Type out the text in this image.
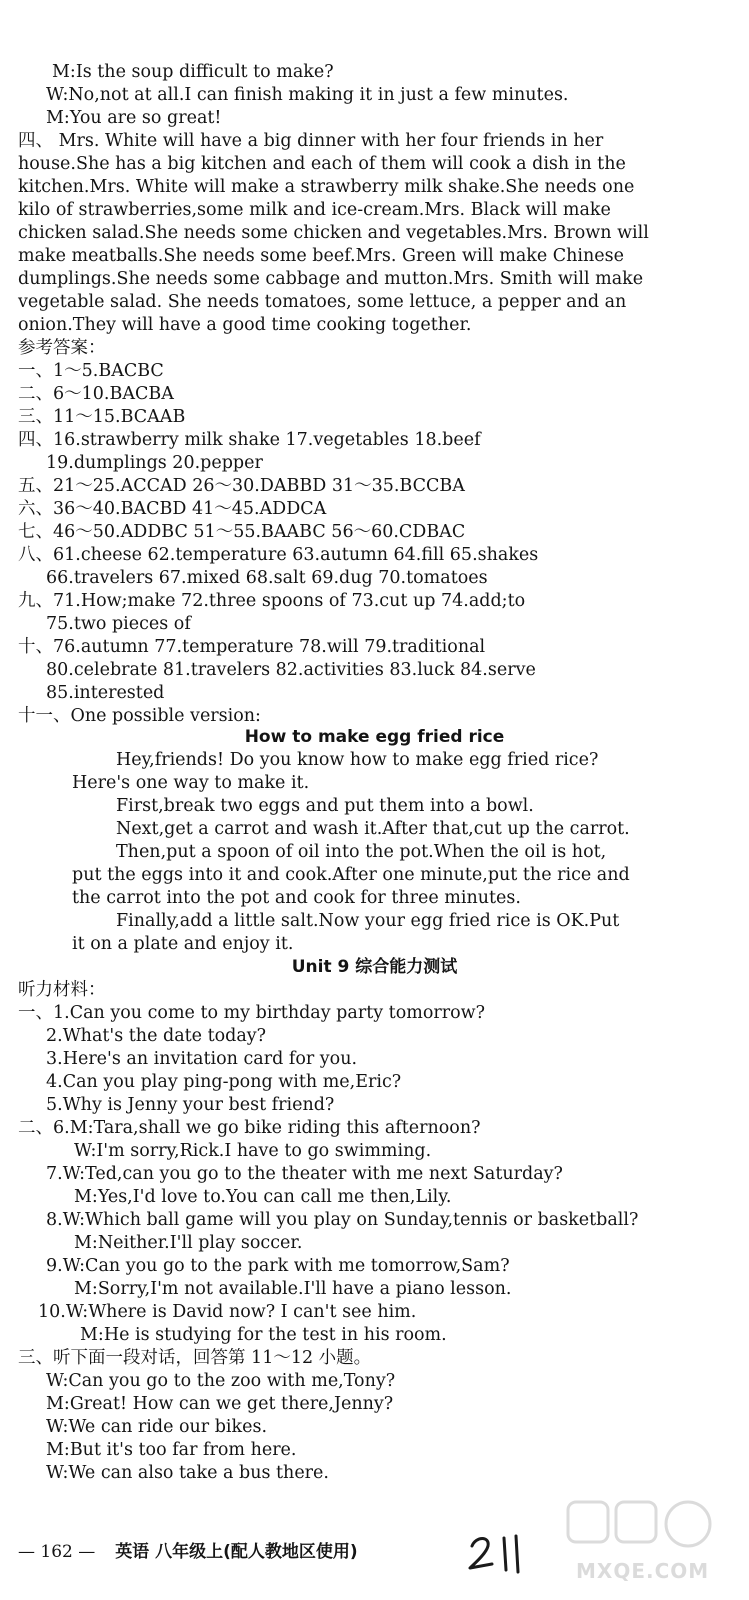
M:Is the soup difficult to make?
W:No,not at all.I can finish making it in just a few minutes.
M:You are so great!
四、 Mrs. White will have a big dinner with her four friends in her
house.She has a big kitchen and each of them will cook a dish in the
kitchen.Mrs. White will make a strawberry milk shake.She needs one
kilo of strawberries,some milk and ice-cream.Mrs. Black will make
chicken salad.She needs some chicken and vegetables.Mrs. Brown will
make meatballs.She needs some beef.Mrs. Green will make Chinese
dumplings.She needs some cabbage and mutton.Mrs. Smith will make
vegetable salad. She needs tomatoes, some lettuce, a pepper and an
onion.They will have a good time cooking together.
参考答案：
一、1～5.BACBC
二、6～10.BACBA
三、11～15.BCAAB
四、16.strawberry milk shake 17.vegetables 18.beef
19.dumplings 20.pepper
五、21～25.ACCAD 26～30.DABBD 31～35.BCCBA
六、36～40.BACBD 41～45.ADDCA
七、46～50.ADDBC 51～55.BAABC 56～60.CDBAC
八、61.cheese 62.temperature 63.autumn 64.fill 65.shakes
66.travelers 67.mixed 68.salt 69.dug 70.tomatoes
九、71.How;make 72.three spoons of 73.cut up 74.add;to
75.two pieces of
十、76.autumn 77.temperature 78.will 79.traditional
80.celebrate 81.travelers 82.activities 83.luck 84.serve
85.interested
十一、One possible version:
How to make egg fried rice
Hey,friends! Do you know how to make egg fried rice?
Here's one way to make it.
First,break two eggs and put them into a bowl.
Next,get a carrot and wash it.After that,cut up the carrot.
Then,put a spoon of oil into the pot.When the oil is hot,
put the eggs into it and cook.After one minute,put the rice and
the carrot into the pot and cook for three minutes.
Finally,add a little salt.Now your egg fried rice is OK.Put
it on a plate and enjoy it.
Unit 9 综合能力测试
听力材料：
一、1.Can you come to my birthday party tomorrow?
2.What's the date today?
3.Here's an invitation card for you.
4.Can you play ping-pong with me,Eric?
5.Why is Jenny your best friend?
二、6.M:Tara,shall we go bike riding this afternoon?
W:I'm sorry,Rick.I have to go swimming.
7.W:Ted,can you go to the theater with me next Saturday?
M:Yes,I'd love to.You can call me then,Lily.
8.W:Which ball game will you play on Sunday,tennis or basketball?
M:Neither.I'll play soccer.
9.W:Can you go to the park with me tomorrow,Sam?
M:Sorry,I'm not available.I'll have a piano lesson.
10.W:Where is David now? I can't see him.
M:He is studying for the test in his room.
三、听下面一段对话，回答第 11～12 小题。
W:Can you go to the zoo with me,Tony?
M:Great! How can we get there,Jenny?
W:We can ride our bikes.
M:But it's too far from here.
W:We can also take a bus there.
— 162 — 英语 八年级上(配人教地区使用)
MXQE.COM
